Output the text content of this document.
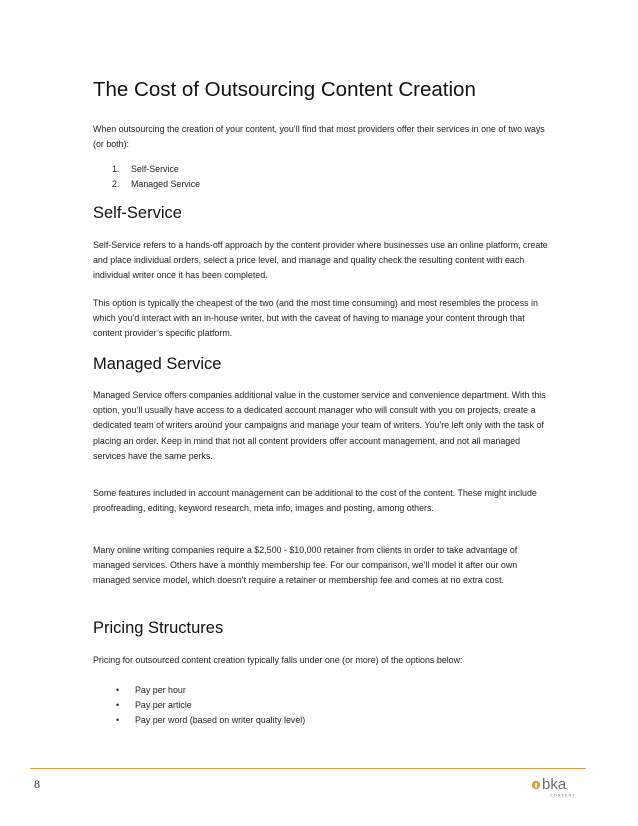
The Cost of Outsourcing Content Creation

When outsourcing the creation of your content, you’ll find that most providers offer their services in one of two ways (or both):

1. Self-Service
2. Managed Service
Self-Service

Self-Service refers to a hands-off approach by the content provider where businesses use an online platform, create and place individual orders, select a price level, and manage and quality check the resulting content with each individual writer once it has been completed.

This option is typically the cheapest of the two (and the most time consuming) and most resembles the process in which you’d interact with an in-house writer, but with the caveat of having to manage your content through that content provider’s specific platform.

Managed Service

Managed Service offers companies additional value in the customer service and convenience department. With this option, you’ll usually have access to a dedicated account manager who will consult with you on projects, create a dedicated team of writers around your campaigns and manage your team of writers. You’re left only with the task of placing an order. Keep in mind that not all content providers offer account management, and not all managed services have the same perks.

Some features included in account management can be additional to the cost of the content. These might include proofreading, editing, keyword research, meta info, images and posting, among others.

Many online writing companies require a $2,500 - $10,000 retainer from clients in order to take advantage of managed services. Others have a monthly membership fee. For our comparison, we’ll model it after our own managed service model, which doesn’t require a retainer or membership fee and comes at no extra cost.

Pricing Structures

Pricing for outsourced content creation typically falls under one (or more) of the options below:

• Pay per hour
• Pay per article
• Pay per word (based on writer quality level)
8	bka
CONTENT
